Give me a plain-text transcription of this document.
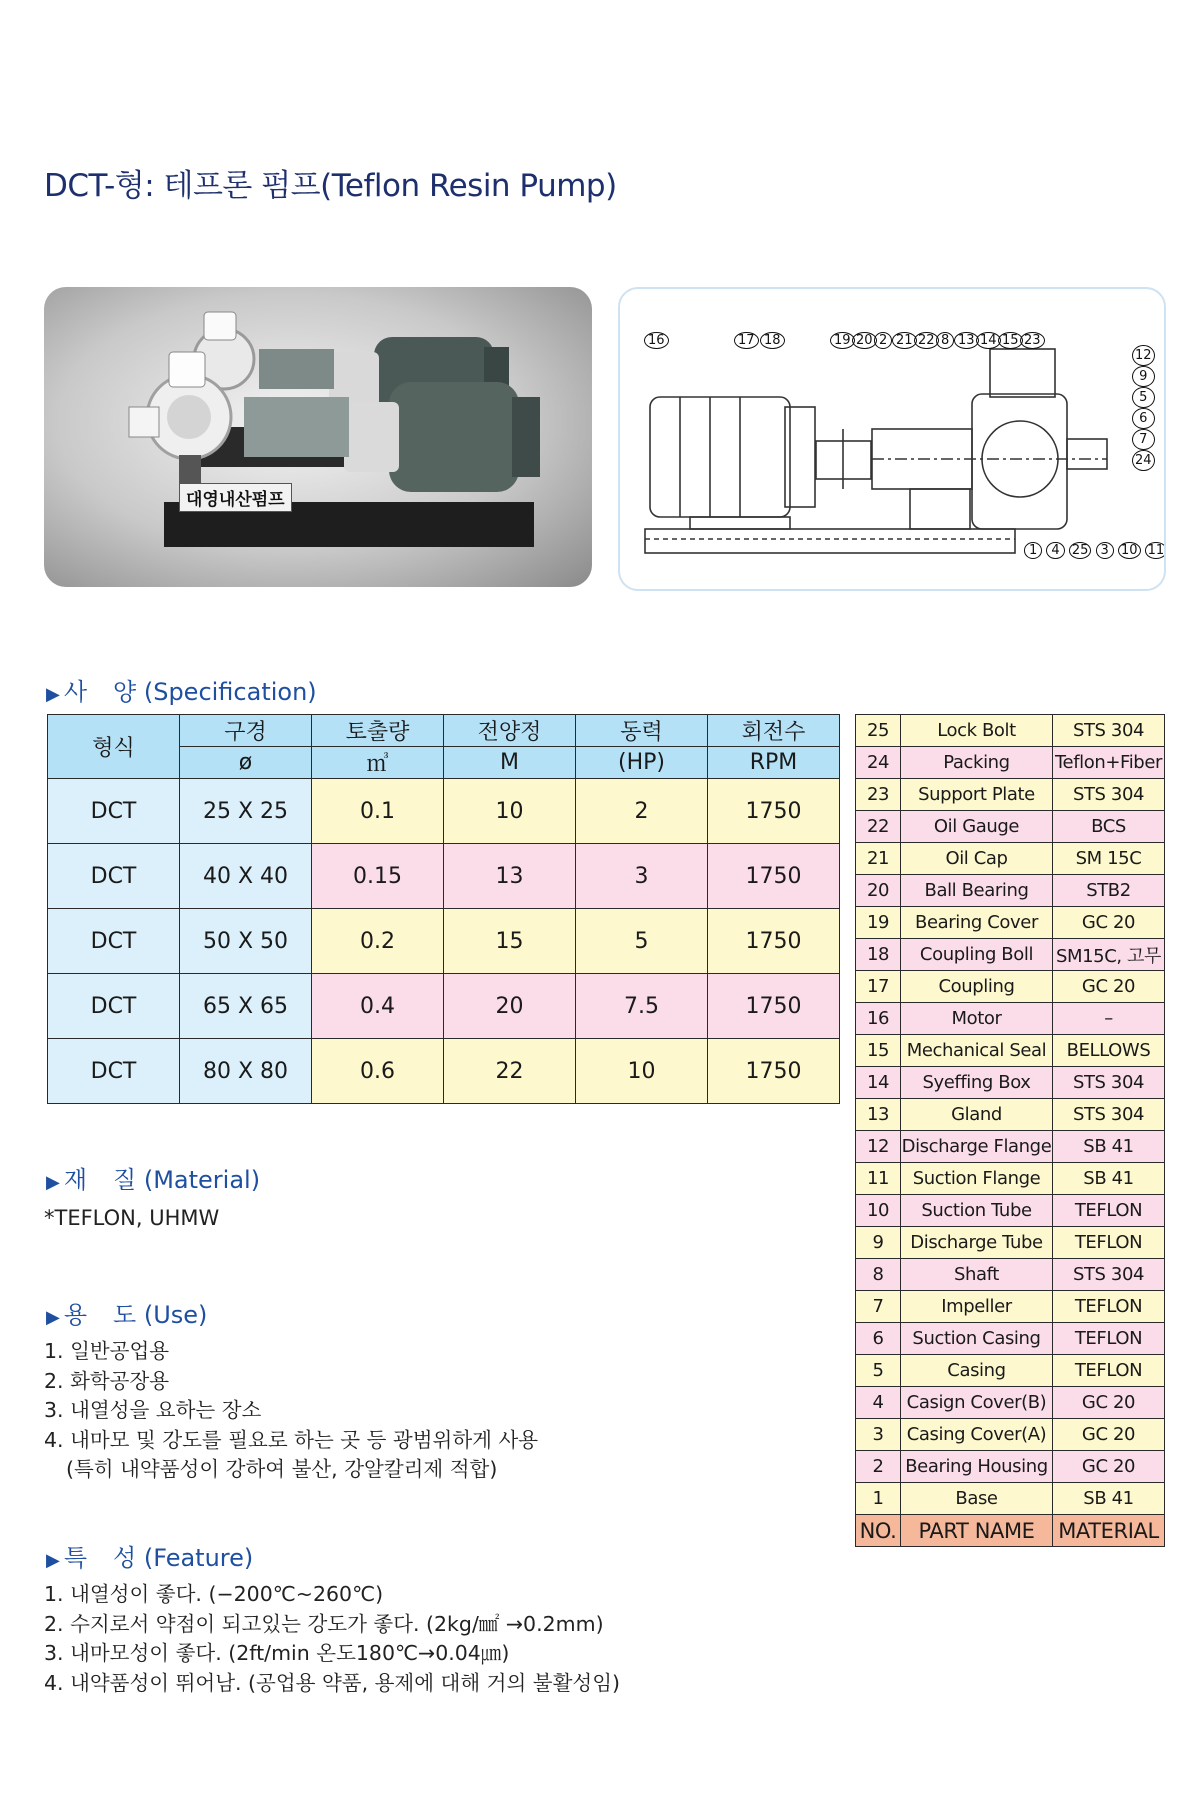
DCT-형: 테프론 펌프(Teflon Resin Pump)
대영내산펌프
16	17 18	19 20 2 21 22 8 13 14 15 23
12
9
5
6
7
24
1 4 25 3 10 11
▶ 사 양 (Specification)
형식	구경	토출량	전양정	동력	회전수
	ø	㎥	M	(HP)	RPM
DCT	25 X 25	0.1	10	2	1750
DCT	40 X 40	0.15	13	3	1750
DCT	50 X 50	0.2	15	5	1750
DCT	65 X 65	0.4	20	7.5	1750
DCT	80 X 80	0.6	22	10	1750
25	Lock Bolt	STS 304
24	Packing	Teflon+Fiber
23	Support Plate	STS 304
22	Oil Gauge	BCS
21	Oil Cap	SM 15C
20	Ball Bearing	STB2
19	Bearing Cover	GC 20
18	Coupling Boll	SM15C, 고무
17	Coupling	GC 20
16	Motor	–
15	Mechanical Seal	BELLOWS
14	Syeffing Box	STS 304
13	Gland	STS 304
12	Discharge Flange	SB 41
11	Suction Flange	SB 41
10	Suction Tube	TEFLON
9	Discharge Tube	TEFLON
8	Shaft	STS 304
7	Impeller	TEFLON
6	Suction Casing	TEFLON
5	Casing	TEFLON
4	Casign Cover(B)	GC 20
3	Casing Cover(A)	GC 20
2	Bearing Housing	GC 20
1	Base	SB 41
NO.	PART NAME	MATERIAL
▶ 재 질 (Material)
*TEFLON, UHMW
▶ 용 도 (Use)
1. 일반공업용
2. 화학공장용
3. 내열성을 요하는 장소
4. 내마모 및 강도를 필요로 하는 곳 등 광범위하게 사용
(특히 내약품성이 강하여 불산, 강알칼리제 적합)
▶ 특 성 (Feature)
1. 내열성이 좋다. (−200℃~260℃)
2. 수지로서 약점이 되고있는 강도가 좋다. (2kg/㎟ →0.2mm)
3. 내마모성이 좋다. (2ft/min 온도180℃→0.04㎛)
4. 내약품성이 뛰어남. (공업용 약품, 용제에 대해 거의 불활성임)
